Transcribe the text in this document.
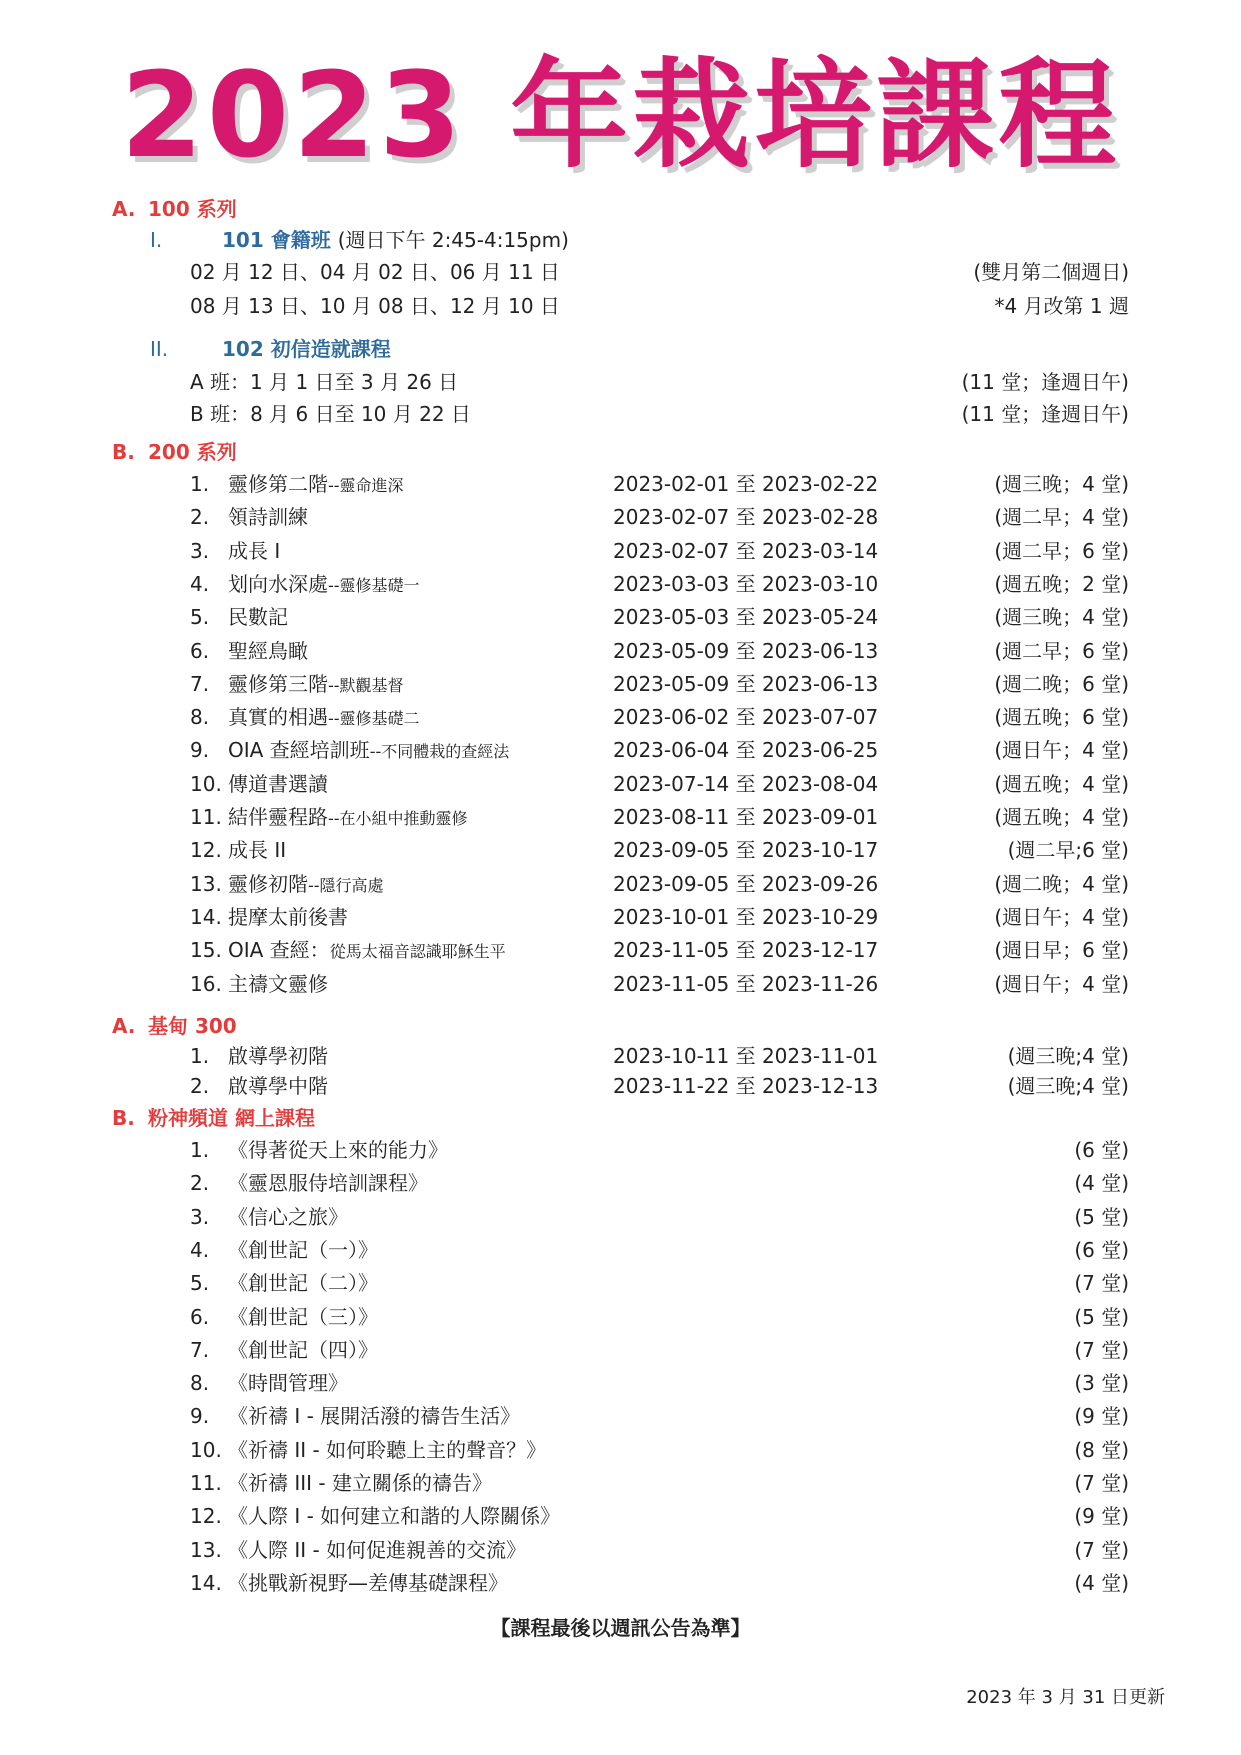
2023 年栽培課程
A. 100 系列
I.	101 會籍班 (週日下午 2:45-4:15pm)
02 月 12 日、04 月 02 日、06 月 11 日	(雙月第二個週日)
08 月 13 日、10 月 08 日、12 月 10 日	*4 月改第 1 週
II.	102 初信造就課程
A 班：1 月 1 日至 3 月 26 日	(11 堂；逢週日午)
B 班：8 月 6 日至 10 月 22 日	(11 堂；逢週日午)
B. 200 系列
1. 靈修第二階--靈命進深	2023-02-01 至 2023-02-22	(週三晚；4 堂)
2. 領詩訓練	2023-02-07 至 2023-02-28	(週二早；4 堂)
3. 成長 I	2023-02-07 至 2023-03-14	(週二早；6 堂)
4. 划向水深處--靈修基礎一	2023-03-03 至 2023-03-10	(週五晚；2 堂)
5. 民數記	2023-05-03 至 2023-05-24	(週三晚；4 堂)
6. 聖經鳥瞰	2023-05-09 至 2023-06-13	(週二早；6 堂)
7. 靈修第三階--默觀基督	2023-05-09 至 2023-06-13	(週二晚；6 堂)
8. 真實的相遇--靈修基礎二	2023-06-02 至 2023-07-07	(週五晚；6 堂)
9. OIA 查經培訓班--不同體栽的查經法	2023-06-04 至 2023-06-25	(週日午；4 堂)
10. 傳道書選讀	2023-07-14 至 2023-08-04	(週五晚；4 堂)
11. 結伴靈程路--在小組中推動靈修	2023-08-11 至 2023-09-01	(週五晚；4 堂)
12. 成長 II	2023-09-05 至 2023-10-17	(週二早;6 堂)
13. 靈修初階--隱行高處	2023-09-05 至 2023-09-26	(週二晚；4 堂)
14. 提摩太前後書	2023-10-01 至 2023-10-29	(週日午；4 堂)
15. OIA 查經：從馬太福音認識耶穌生平	2023-11-05 至 2023-12-17	(週日早；6 堂)
16. 主禱文靈修	2023-11-05 至 2023-11-26	(週日午；4 堂)
A. 基甸 300
1. 啟導學初階	2023-10-11 至 2023-11-01	(週三晚;4 堂)
2. 啟導學中階	2023-11-22 至 2023-12-13	(週三晚;4 堂)
B. 粉神頻道 網上課程
1. 《得著從天上來的能力》	(6 堂)
2. 《靈恩服侍培訓課程》	(4 堂)
3. 《信心之旅》	(5 堂)
4. 《創世記（一）》	(6 堂)
5. 《創世記（二）》	(7 堂)
6. 《創世記（三）》	(5 堂)
7. 《創世記（四）》	(7 堂)
8. 《時間管理》	(3 堂)
9. 《祈禱 I - 展開活潑的禱告生活》	(9 堂)
10. 《祈禱 II - 如何聆聽上主的聲音？》	(8 堂)
11. 《祈禱 III - 建立關係的禱告》	(7 堂)
12. 《人際 I - 如何建立和諧的人際關係》	(9 堂)
13. 《人際 II - 如何促進親善的交流》	(7 堂)
14. 《挑戰新視野—差傳基礎課程》	(4 堂)
【課程最後以週訊公告為準】
2023 年 3 月 31 日更新
